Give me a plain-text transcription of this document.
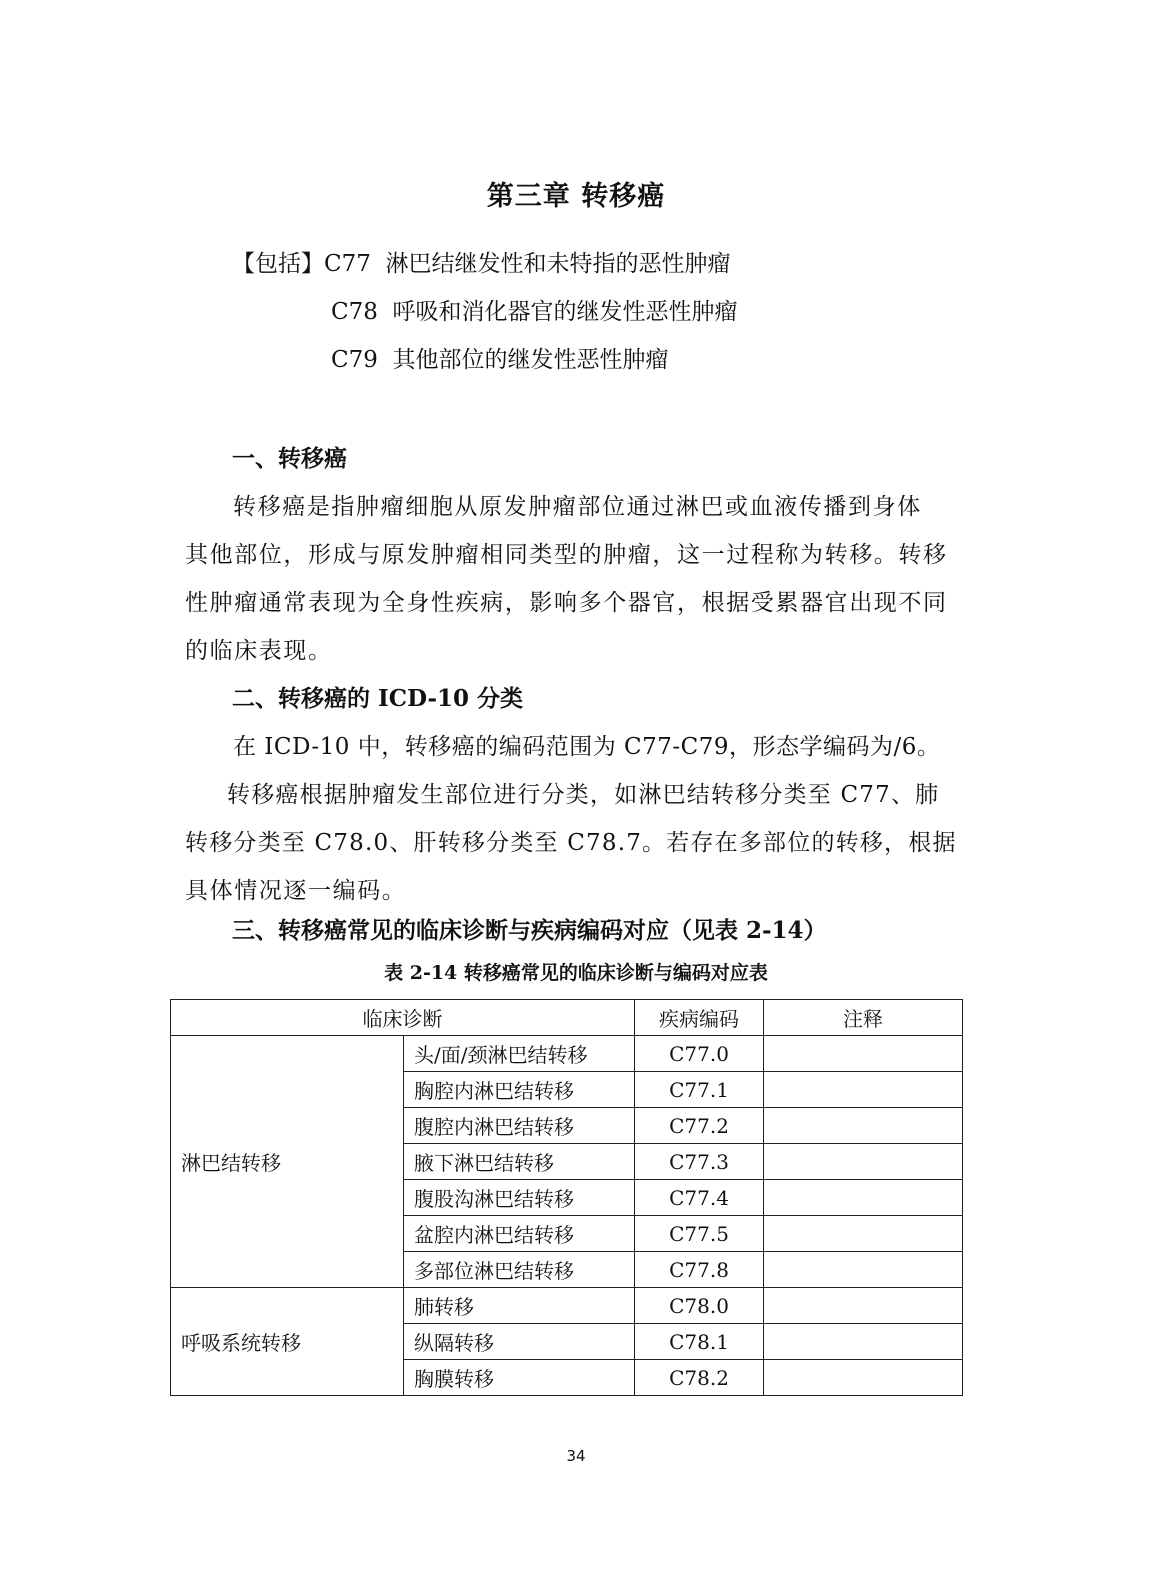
第三章 转移癌
【包括】C77 淋巴结继发性和未特指的恶性肿瘤
C78 呼吸和消化器官的继发性恶性肿瘤
C79 其他部位的继发性恶性肿瘤
一、转移癌
转移癌是指肿瘤细胞从原发肿瘤部位通过淋巴或血液传播到身体
其他部位，形成与原发肿瘤相同类型的肿瘤，这一过程称为转移。转移
性肿瘤通常表现为全身性疾病，影响多个器官，根据受累器官出现不同
的临床表现。
二、转移癌的 ICD-10 分类
在 ICD-10 中，转移癌的编码范围为 C77-C79，形态学编码为/6。
转移癌根据肿瘤发生部位进行分类，如淋巴结转移分类至 C77、肺
转移分类至 C78.0、肝转移分类至 C78.7。若存在多部位的转移，根据
具体情况逐一编码。
三、转移癌常见的临床诊断与疾病编码对应（见表 2-14）
表 2-14 转移癌常见的临床诊断与编码对应表
临床诊断		疾病编码	注释
淋巴结转移	头/面/颈淋巴结转移	C77.0	
	胸腔内淋巴结转移	C77.1	
	腹腔内淋巴结转移	C77.2	
	腋下淋巴结转移	C77.3	
	腹股沟淋巴结转移	C77.4	
	盆腔内淋巴结转移	C77.5	
	多部位淋巴结转移	C77.8	
呼吸系统转移	肺转移	C78.0	
	纵隔转移	C78.1	
	胸膜转移	C78.2	
34
